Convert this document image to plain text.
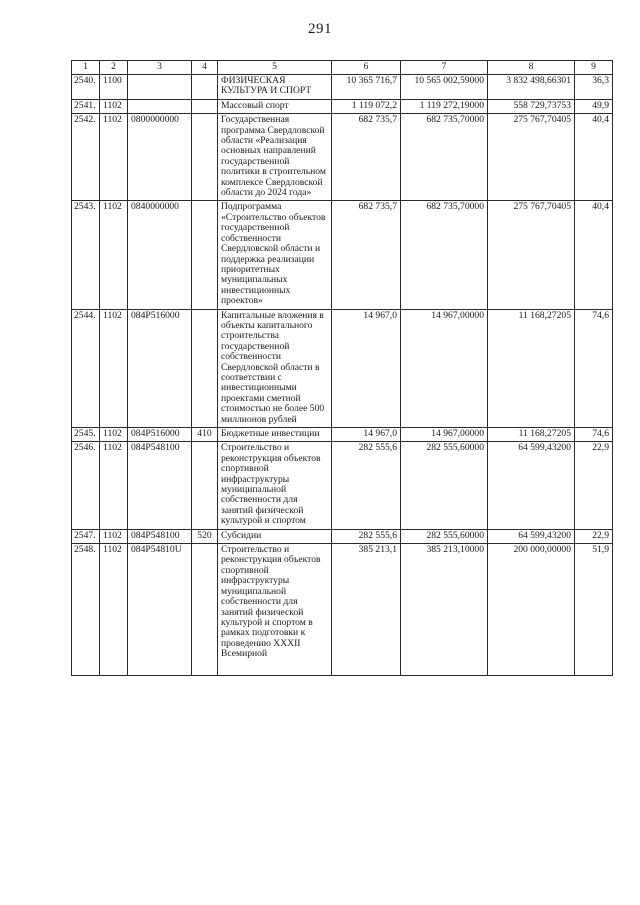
291
1	2	3	4	5	6	7	8	9
2540.	1100			ФИЗИЧЕСКАЯ КУЛЬТУРА И СПОРТ	10 365 716,7	10 565 002,59000	3 832 498,66301	36,3
2541.	1102			Массовый спорт	1 119 072,2	1 119 272,19000	558 729,73753	49,9
2542.	1102	0800000000		Государственная программа Свердловской области «Реализация основных направлений государственной политики в строительном комплексе Свердловской области до 2024 года»	682 735,7	682 735,70000	275 767,70405	40,4
2543.	1102	0840000000		Подпрограмма «Строительство объектов государственной собственности Свердловской области и поддержка реализации приоритетных муниципальных инвестиционных проектов»	682 735,7	682 735,70000	275 767,70405	40,4
2544.	1102	084P516000		Капитальные вложения в объекты капитального строительства государственной собственности Свердловской области в соответствии с инвестиционными проектами сметной стоимостью не более 500 миллионов рублей	14 967,0	14 967,00000	11 168,27205	74,6
2545.	1102	084P516000	410	Бюджетные инвестиции	14 967,0	14 967,00000	11 168,27205	74,6
2546.	1102	084P548100		Строительство и реконструкция объектов спортивной инфраструктуры муниципальной собственности для занятий физической культурой и спортом	282 555,6	282 555,60000	64 599,43200	22,9
2547.	1102	084P548100	520	Субсидии	282 555,6	282 555,60000	64 599,43200	22,9
2548.	1102	084P54810U		Строительство и реконструкция объектов спортивной инфраструктуры муниципальной собственности для занятий физической культурой и спортом в рамках подготовки к проведению XXXII Всемирной	385 213,1	385 213,10000	200 000,00000	51,9
